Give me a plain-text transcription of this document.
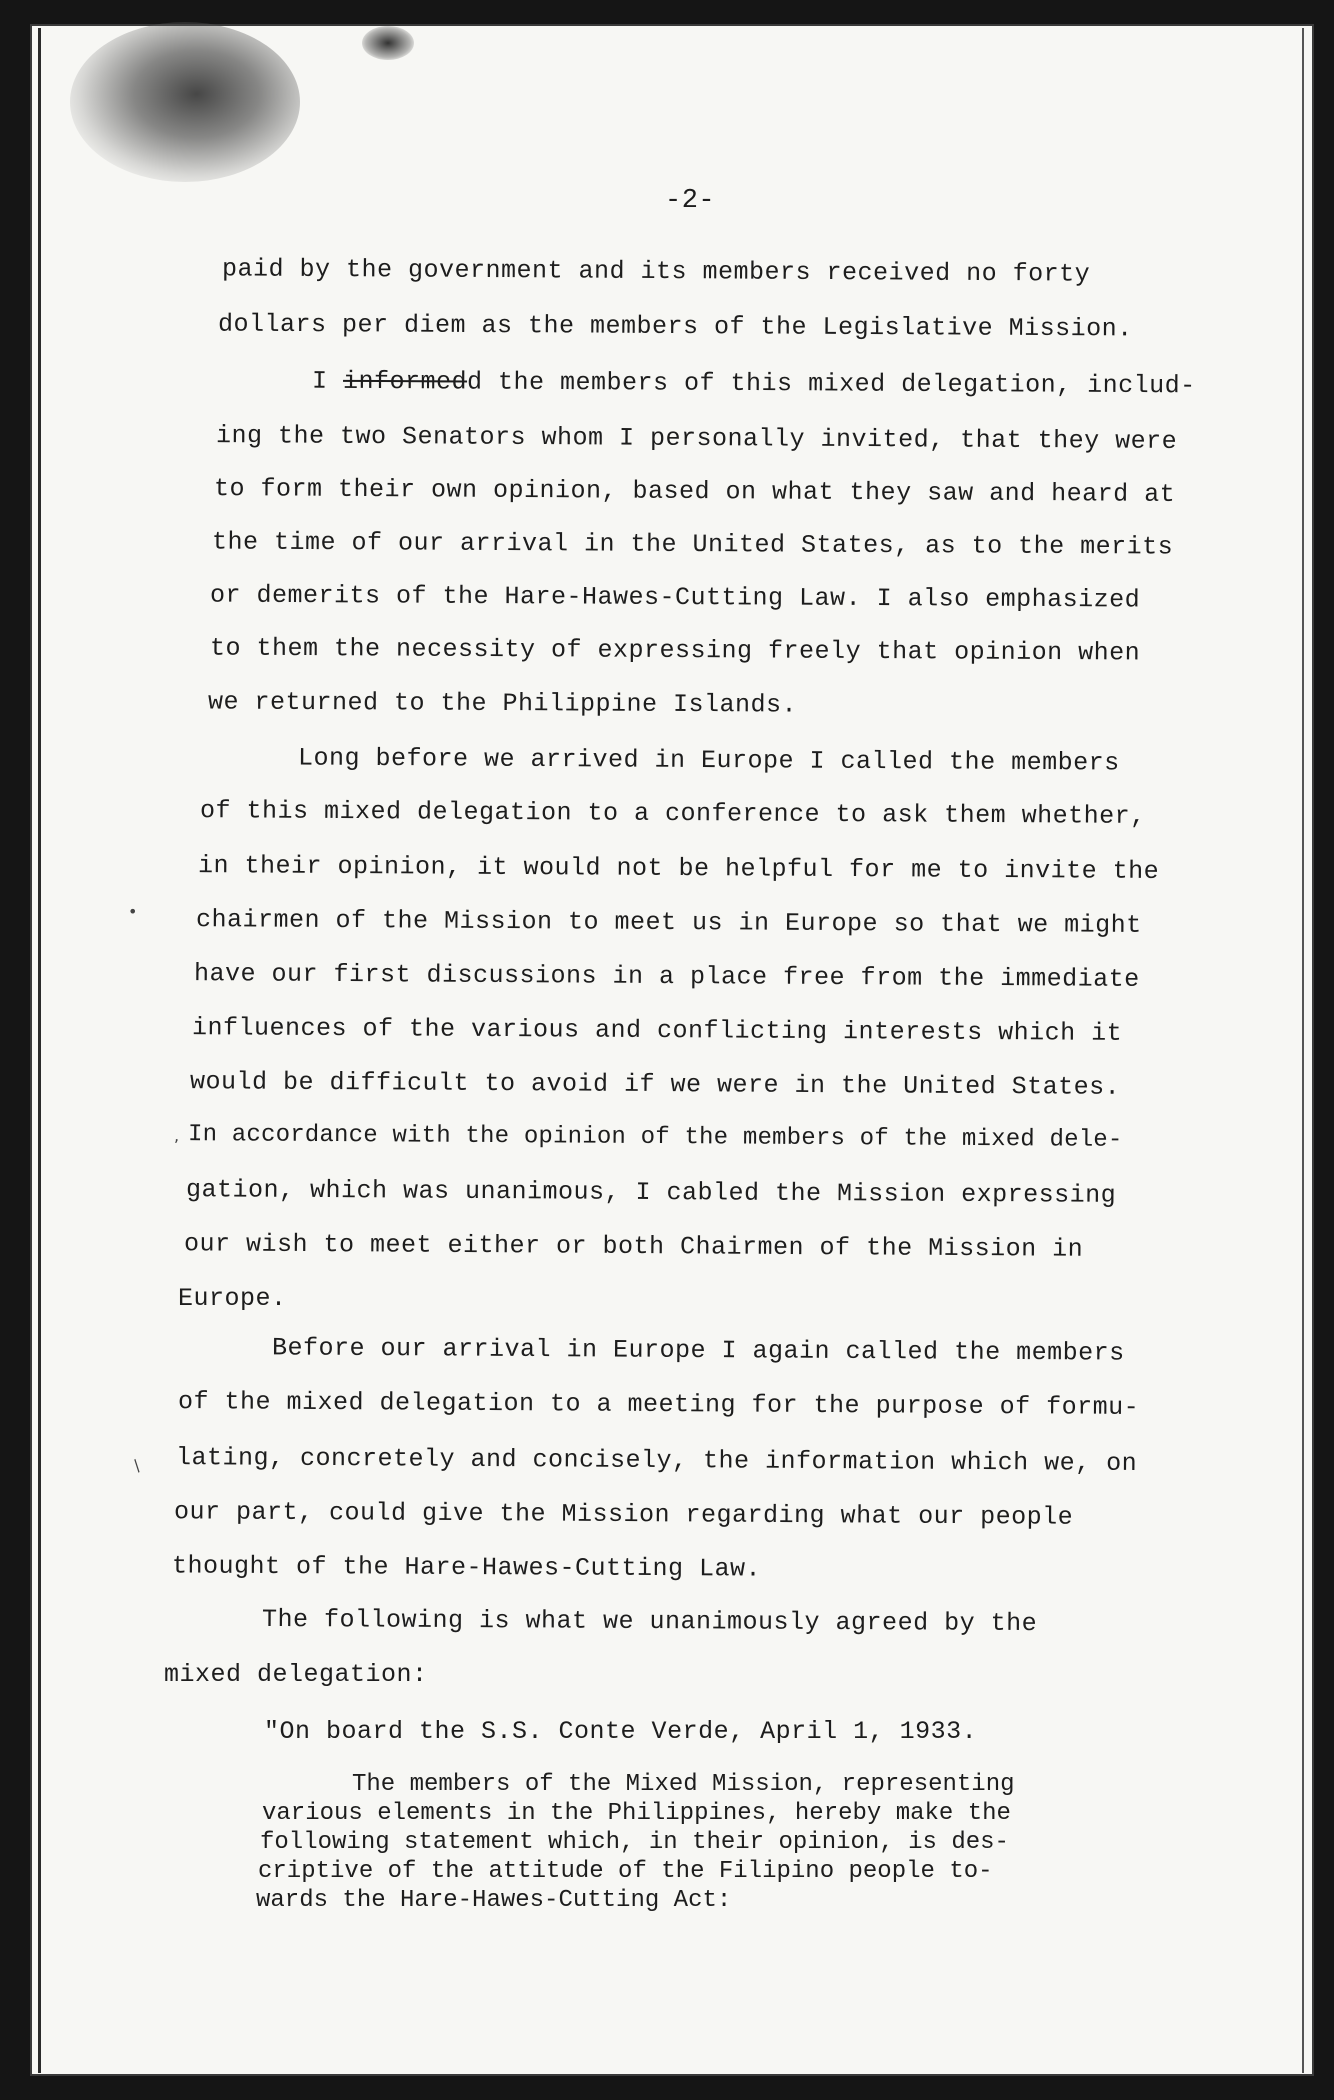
-2-
paid by the government and its members received no forty
dollars per diem as the members of the Legislative Mission.
I informedd the members of this mixed delegation, includ-
ing the two Senators whom I personally invited, that they were
to form their own opinion, based on what they saw and heard at
the time of our arrival in the United States, as to the merits
or demerits of the Hare-Hawes-Cutting Law. I also emphasized
to them the necessity of expressing freely that opinion when
we returned to the Philippine Islands.
Long before we arrived in Europe I called the members
of this mixed delegation to a conference to ask them whether,
in their opinion, it would not be helpful for me to invite the
chairmen of the Mission to meet us in Europe so that we might
have our first discussions in a place free from the immediate
influences of the various and conflicting interests which it
would be difficult to avoid if we were in the United States.
In accordance with the opinion of the members of the mixed dele-
gation, which was unanimous, I cabled the Mission expressing
our wish to meet either or both Chairmen of the Mission in
Europe.
Before our arrival in Europe I again called the members
of the mixed delegation to a meeting for the purpose of formu-
lating, concretely and concisely, the information which we, on
our part, could give the Mission regarding what our people
thought of the Hare-Hawes-Cutting Law.
The following is what we unanimously agreed by the
mixed delegation:
"On board the S.S. Conte Verde, April 1, 1933.
The members of the Mixed Mission, representing
various elements in the Philippines, hereby make the
following statement which, in their opinion, is des-
criptive of the attitude of the Filipino people to-
wards the Hare-Hawes-Cutting Act:
•
,
/
